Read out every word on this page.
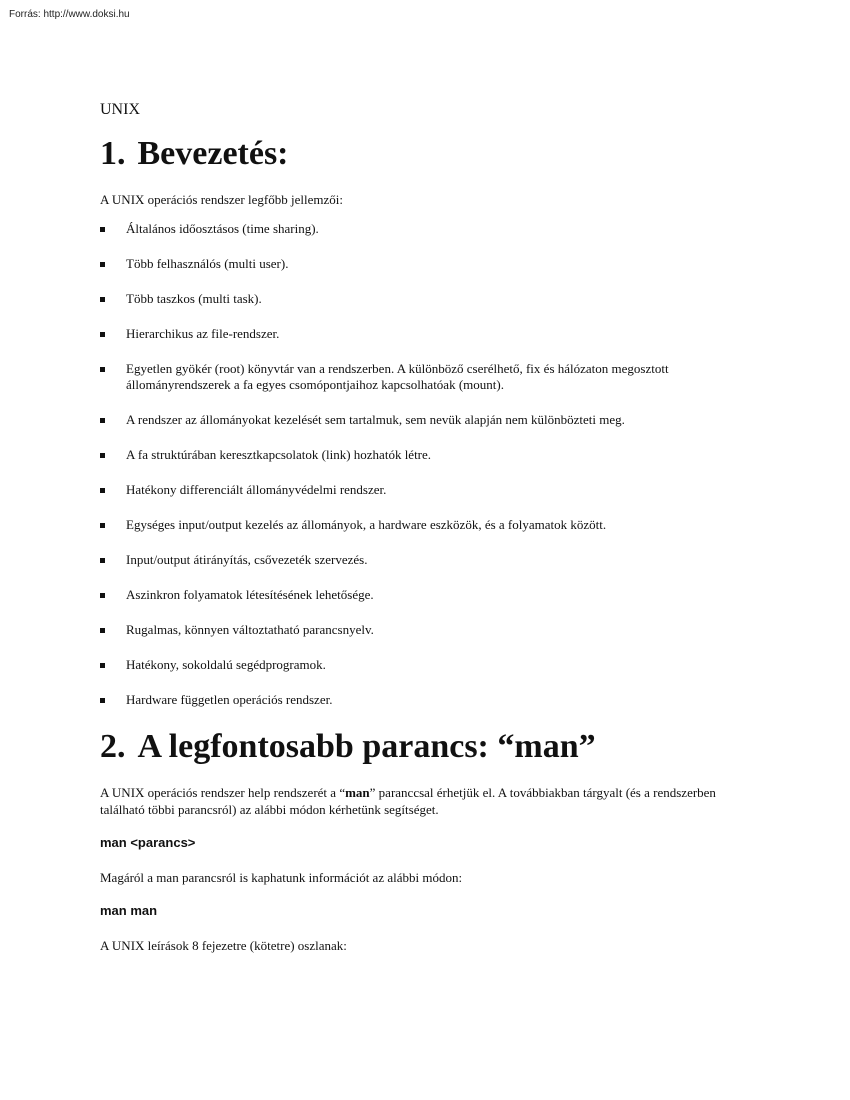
Forrás: http://www.doksi.hu
UNIX
1. Bevezetés:

A UNIX operációs rendszer legfőbb jellemzői:

Általános időosztásos (time sharing).
Több felhasználós (multi user).
Több taszkos (multi task).
Hierarchikus az file-rendszer.
Egyetlen gyökér (root) könyvtár van a rendszerben. A különböző cserélhető, fix és hálózaton megosztott állományrendszerek a fa egyes csomópontjaihoz kapcsolhatóak (mount).
A rendszer az állományokat kezelését sem tartalmuk, sem nevük alapján nem különbözteti meg.
A fa struktúrában keresztkapcsolatok (link) hozhatók létre.
Hatékony differenciált állományvédelmi rendszer.
Egységes input/output kezelés az állományok, a hardware eszközök, és a folyamatok között.
Input/output átirányítás, csővezeték szervezés.
Aszinkron folyamatok létesítésének lehetősége.
Rugalmas, könnyen változtatható parancsnyelv.
Hatékony, sokoldalú segédprogramok.
Hardware független operációs rendszer.
2. A legfontosabb parancs: “man”

A UNIX operációs rendszer help rendszerét a “man” paranccsal érhetjük el. A továbbiakban tárgyalt (és a rendszerben található többi parancsról) az alábbi módon kérhetünk segítséget.

man <parancs>

Magáról a man parancsról is kaphatunk információt az alábbi módon:

man man

A UNIX leírások 8 fejezetre (kötetre) oszlanak:
